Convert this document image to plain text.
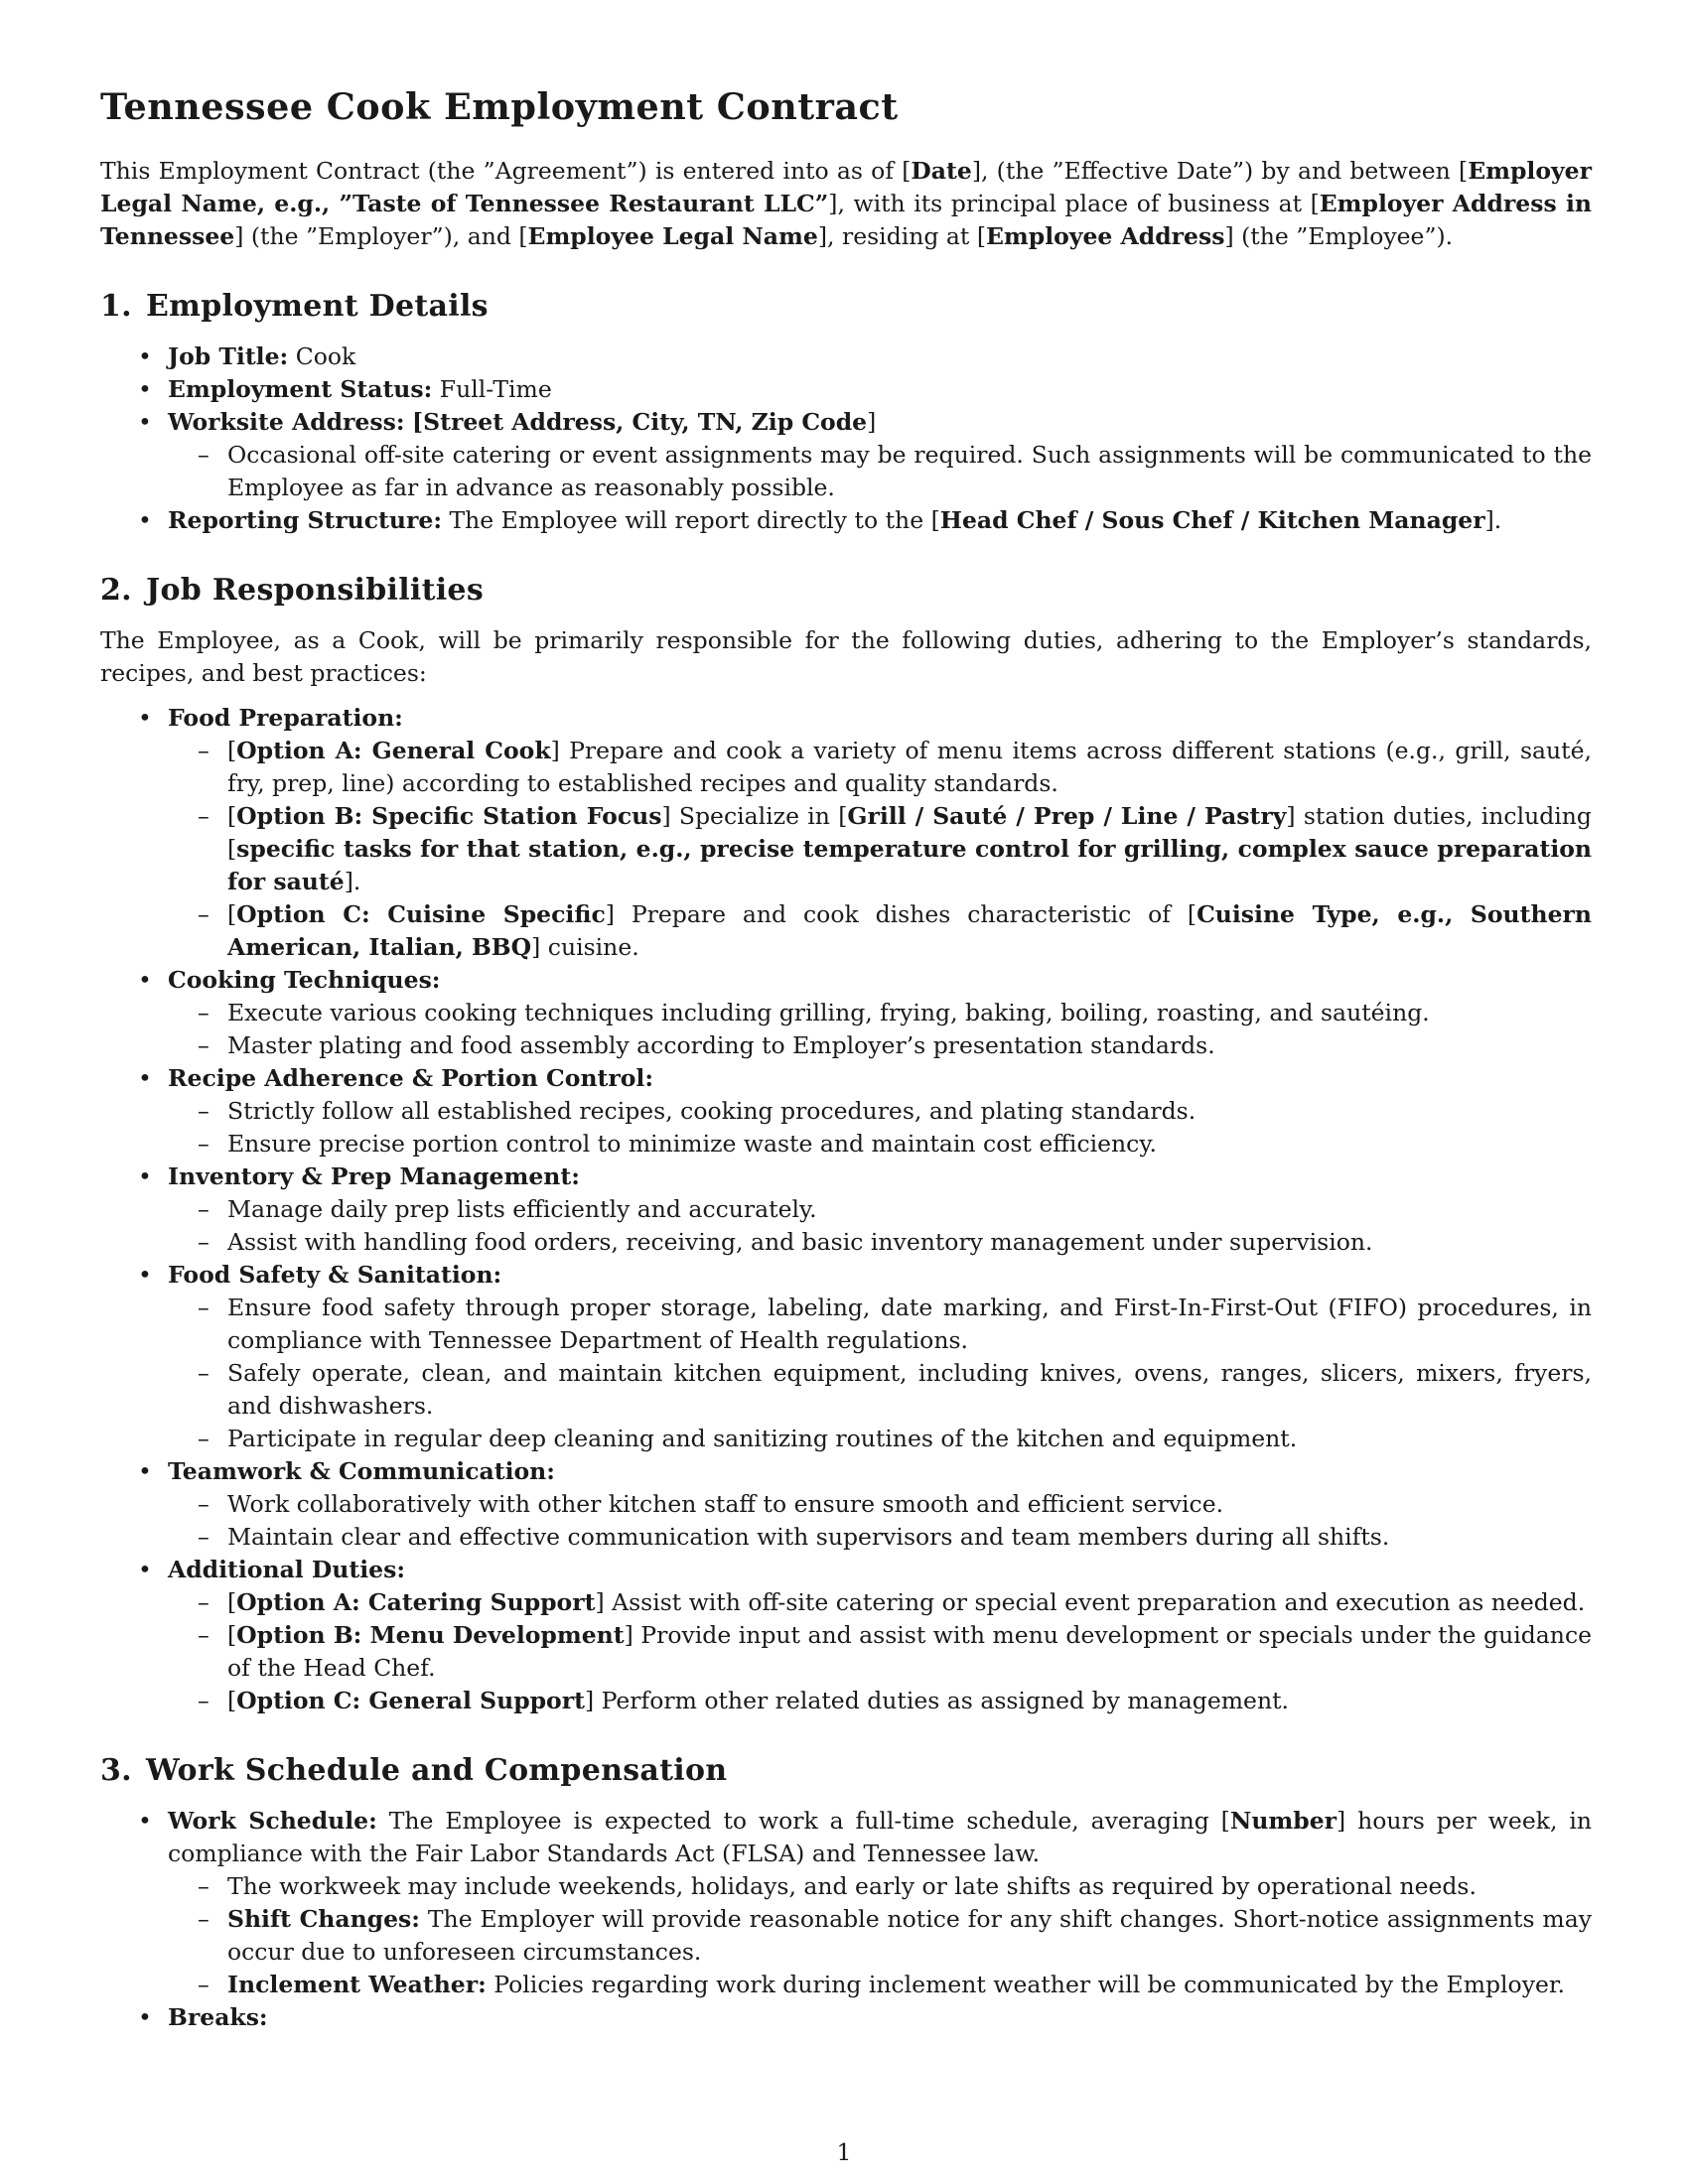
Tennessee Cook Employment Contract

This Employment Contract (the ”Agreement”) is entered into as of [Date], (the ”Effective Date”) by and between [Employer Legal Name, e.g., ”Taste of Tennessee Restaurant LLC”], with its principal place of business at [Employer Address in Tennessee] (the ”Employer”), and [Employee Legal Name], residing at [Employee Address] (the ”Employee”).

1. Employment Details
• Job Title: Cook
• Employment Status: Full-Time
• Worksite Address: [Street Address, City, TN, Zip Code]
– Occasional off-site catering or event assignments may be required. Such assignments will be communicated to the Employee as far in advance as reasonably possible.
• Reporting Structure: The Employee will report directly to the [Head Chef / Sous Chef / Kitchen Manager].
2. Job Responsibilities

The Employee, as a Cook, will be primarily responsible for the following duties, adhering to the Employer’s standards, recipes, and best practices:

• Food Preparation:
– [Option A: General Cook] Prepare and cook a variety of menu items across different stations (e.g., grill, sauté, fry, prep, line) according to established recipes and quality standards.
– [Option B: Specific Station Focus] Specialize in [Grill / Sauté / Prep / Line / Pastry] station duties, including [specific tasks for that station, e.g., precise temperature control for grilling, complex sauce preparation for sauté].
– [Option C: Cuisine Specific] Prepare and cook dishes characteristic of [Cuisine Type, e.g., Southern American, Italian, BBQ] cuisine.
• Cooking Techniques:
– Execute various cooking techniques including grilling, frying, baking, boiling, roasting, and sautéing.
– Master plating and food assembly according to Employer’s presentation standards.
• Recipe Adherence & Portion Control:
– Strictly follow all established recipes, cooking procedures, and plating standards.
– Ensure precise portion control to minimize waste and maintain cost efficiency.
• Inventory & Prep Management:
– Manage daily prep lists efficiently and accurately.
– Assist with handling food orders, receiving, and basic inventory management under supervision.
• Food Safety & Sanitation:
– Ensure food safety through proper storage, labeling, date marking, and First-In-First-Out (FIFO) procedures, in compliance with Tennessee Department of Health regulations.
– Safely operate, clean, and maintain kitchen equipment, including knives, ovens, ranges, slicers, mixers, fryers, and dishwashers.
– Participate in regular deep cleaning and sanitizing routines of the kitchen and equipment.
• Teamwork & Communication:
– Work collaboratively with other kitchen staff to ensure smooth and efficient service.
– Maintain clear and effective communication with supervisors and team members during all shifts.
• Additional Duties:
– [Option A: Catering Support] Assist with off-site catering or special event preparation and execution as needed.
– [Option B: Menu Development] Provide input and assist with menu development or specials under the guidance of the Head Chef.
– [Option C: General Support] Perform other related duties as assigned by management.
3. Work Schedule and Compensation
• Work Schedule: The Employee is expected to work a full-time schedule, averaging [Number] hours per week, in compliance with the Fair Labor Standards Act (FLSA) and Tennessee law.
– The workweek may include weekends, holidays, and early or late shifts as required by operational needs.
– Shift Changes: The Employer will provide reasonable notice for any shift changes. Short-notice assignments may occur due to unforeseen circumstances.
– Inclement Weather: Policies regarding work during inclement weather will be communicated by the Employer.
• Breaks:
1
